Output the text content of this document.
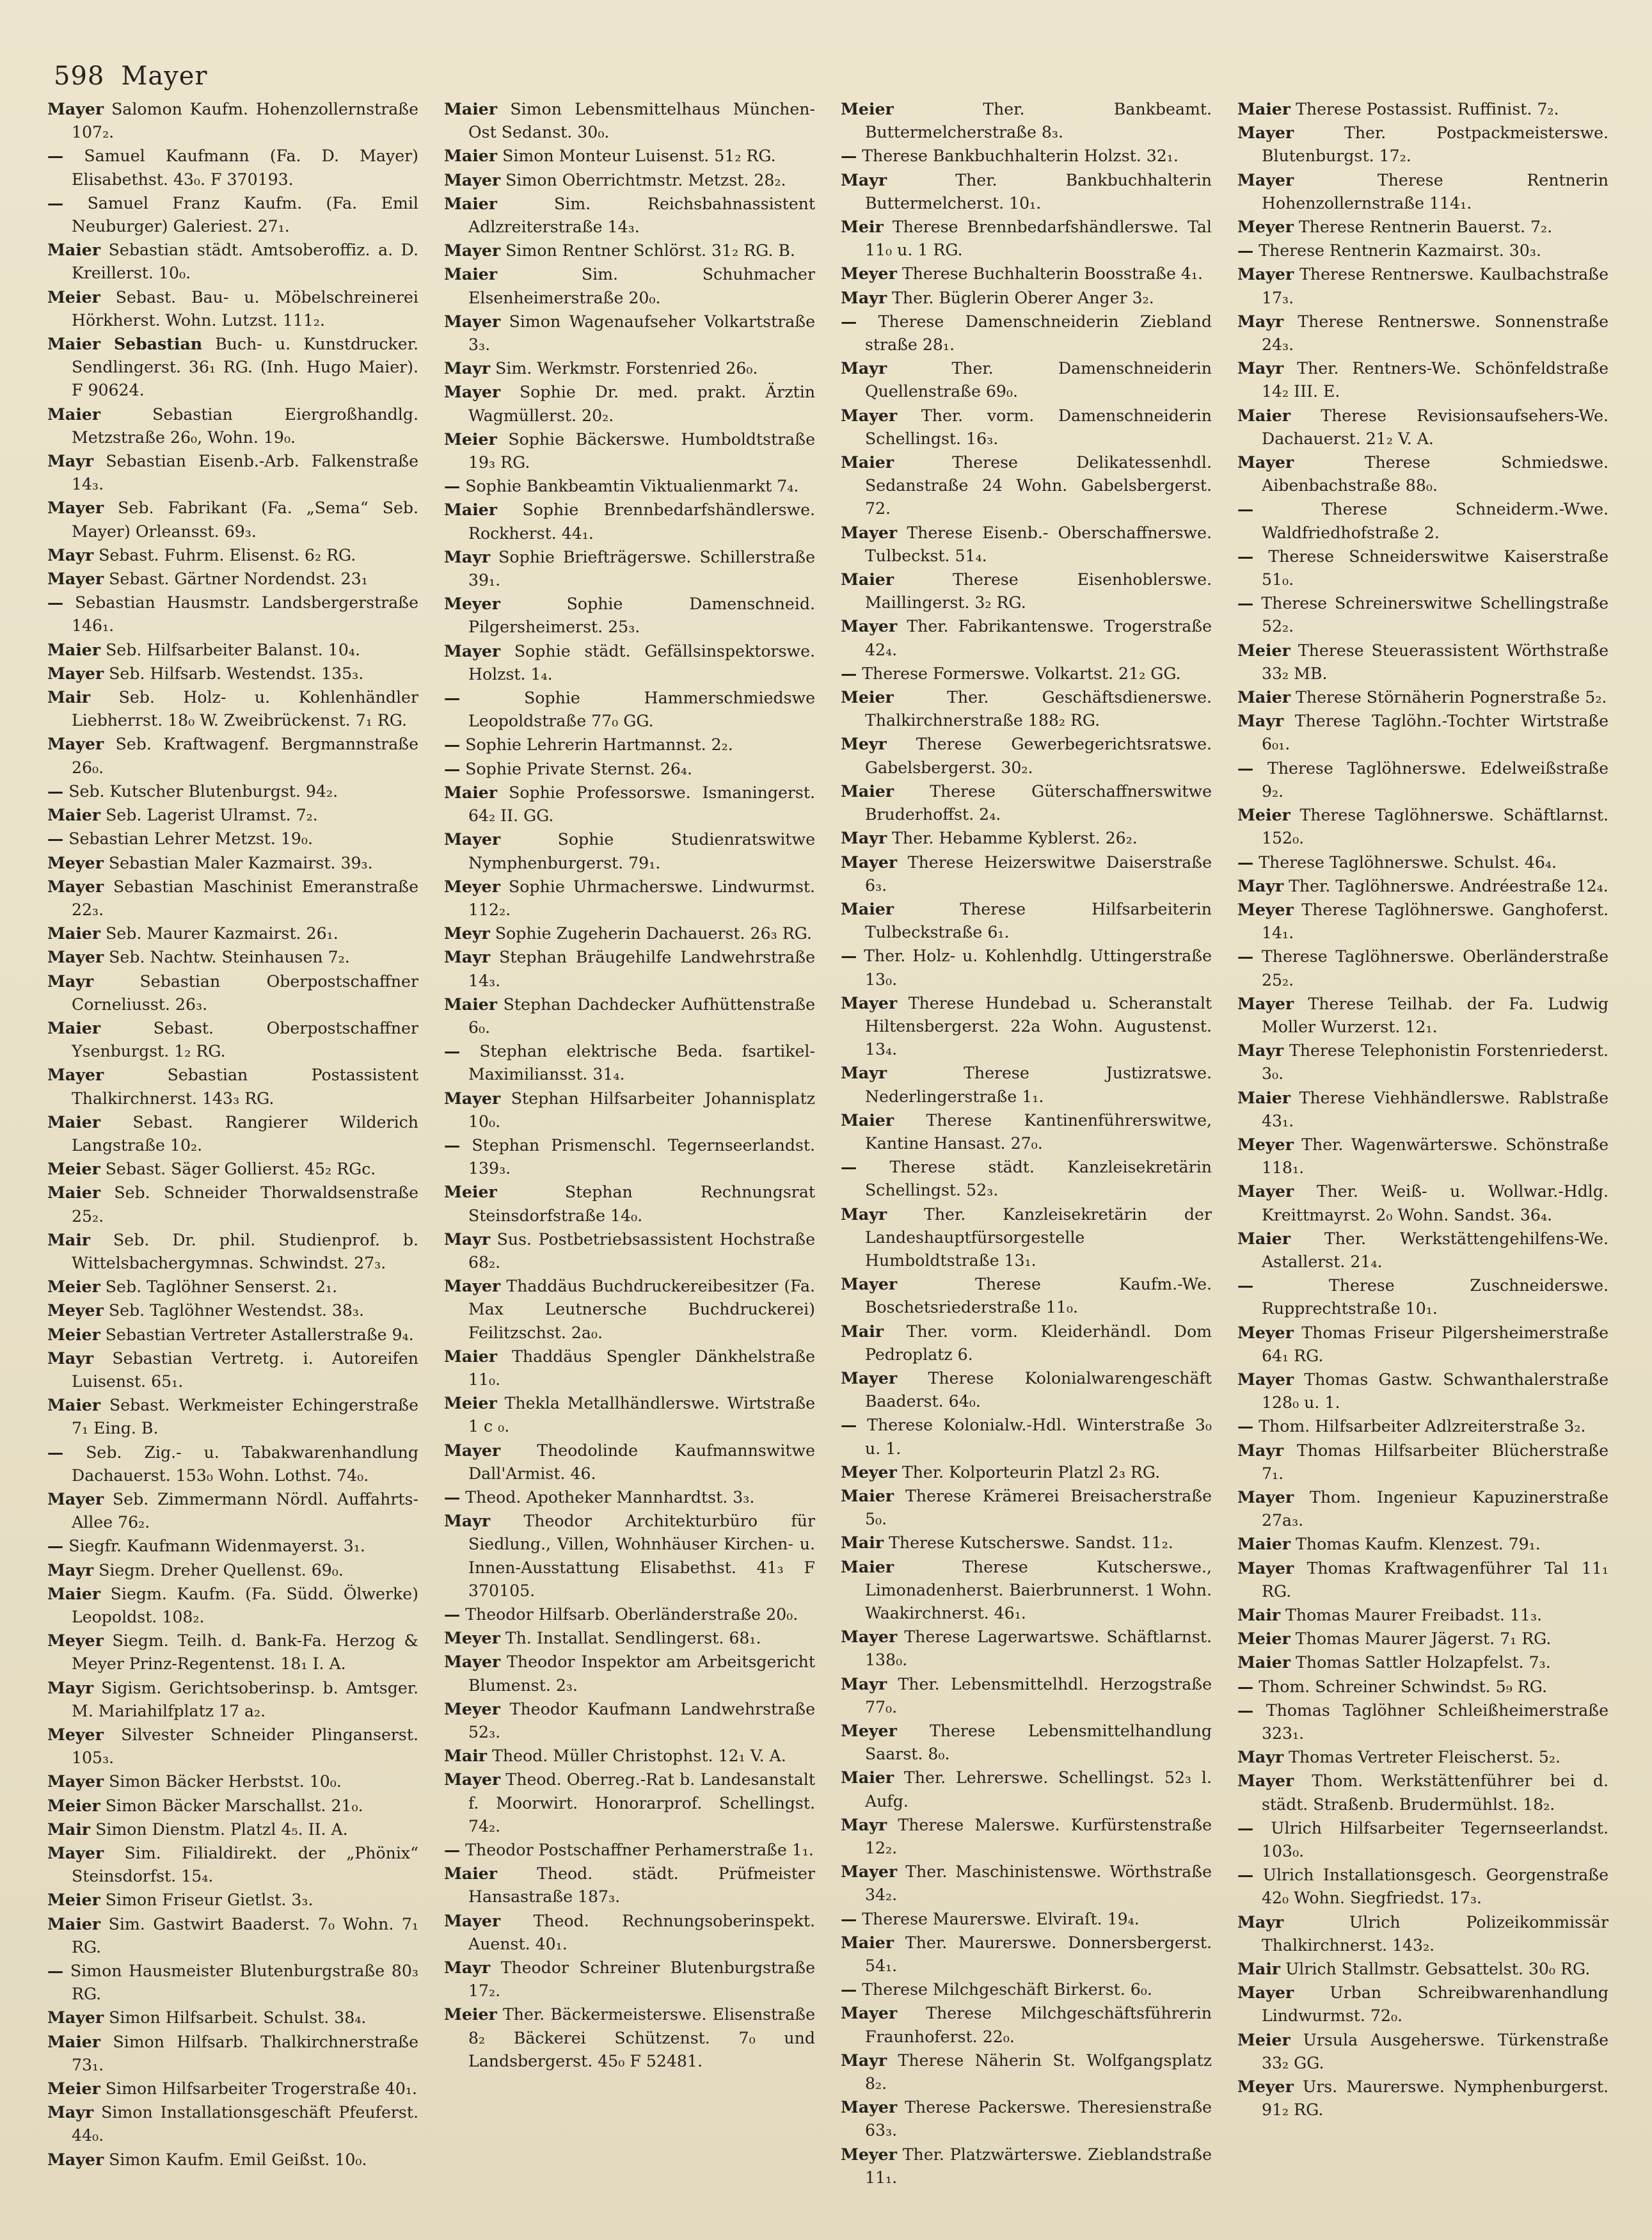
598 Mayer
Mayer Salomon Kaufm. Hohenzollernstraße 107₂.
— Samuel Kaufmann (Fa. D. Mayer) Elisabethst. 43₀. F 370193.
— Samuel Franz Kaufm. (Fa. Emil Neuburger) Galeriest. 27₁.
Maier Sebastian städt. Amtsoberoffiz. a. D. Kreillerst. 10₀.
Meier Sebast. Bau- u. Möbelschreinerei Hörkherst. Wohn. Lutzst. 111₂.
Maier Sebastian Buch- u. Kunstdrucker. Sendlingerst. 36₁ RG. (Inh. Hugo Maier). F 90624.
Maier	Sebastian Eiergroßhandlg. Metzstraße 26₀, Wohn. 19₀.
Mayr Sebastian Eisenb.-Arb. Falkenstraße 14₃.
Mayer Seb. Fabrikant (Fa. „Sema“ Seb. Mayer) Orleansst. 69₃.
Mayr Sebast. Fuhrm. Elisenst. 6₂ RG.
Mayer Sebast. Gärtner Nordendst. 23₁
— Sebastian Hausmstr. Landsbergerstraße 146₁.
Maier Seb. Hilfsarbeiter Balanst. 10₄.
Mayer Seb. Hilfsarb. Westendst. 135₃.
Mair Seb. Holz- u. Kohlenhändler Liebherrst. 18₀ W. Zweibrückenst. 7₁ RG.
Mayer Seb. Kraftwagenf. Bergmannstraße 26₀.
— Seb. Kutscher Blutenburgst. 94₂.
Maier Seb. Lagerist Ulramst. 7₂.
— Sebastian Lehrer Metzst. 19₀.
Meyer Sebastian Maler Kazmairst. 39₃.
Mayer Sebastian Maschinist Emeranstraße 22₃.
Maier Seb. Maurer Kazmairst. 26₁.
Mayer Seb. Nachtw. Steinhausen 7₂.
Mayr	Sebastian Oberpostschaffner Corneliusst. 26₃.
Maier	Sebast. Oberpostschaffner Ysenburgst. 1₂ RG.
Mayer	Sebastian Postassistent Thalkirchnerst. 143₃ RG.
Maier Sebast. Rangierer Wilderich Langstraße 10₂.
Meier Sebast. Säger Gollierst. 45₂ RGc.
Maier Seb. Schneider Thorwaldsenstraße 25₂.
Mair Seb. Dr. phil. Studienprof. b. Wittelsbachergymnas. Schwindst. 27₃.
Meier Seb. Taglöhner Senserst. 2₁.
Meyer Seb. Taglöhner Westendst. 38₃.
Meier Sebastian Vertreter Astallerstraße 9₄.
Mayr Sebastian Vertretg. i. Autoreifen Luisenst. 65₁.
Maier Sebast. Werkmeister Echingerstraße 7₁ Eing. B.
— Seb. Zig.- u. Tabakwarenhandlung Dachauerst. 153₀ Wohn. Lothst. 74₀.
Mayer Seb. Zimmermann Nördl. Auffahrts-Allee 76₂.
— Siegfr. Kaufmann Widenmayerst. 3₁.
Mayr Siegm. Dreher Quellenst. 69₀.
Maier Siegm. Kaufm. (Fa. Südd. Ölwerke) Leopoldst. 108₂.
Meyer Siegm. Teilh. d. Bank-Fa. Herzog & Meyer Prinz-Regentenst. 18₁ I. A.
Mayr Sigism. Gerichtsoberinsp. b. Amtsger. M. Mariahilfplatz 17 a₂.
Meyer Silvester Schneider Plinganserst. 105₃.
Mayer Simon Bäcker Herbstst. 10₀.
Meier Simon Bäcker Marschallst. 21₀.
Mair Simon Dienstm. Platzl 4₅. II. A.
Mayer Sim. Filialdirekt. der „Phönix“ Steinsdorfst. 15₄.
Meier Simon Friseur Gietlst. 3₃.
Maier Sim. Gastwirt Baaderst. 7₀ Wohn. 7₁ RG.
— Simon Hausmeister Blutenburgstraße 80₃ RG.
Mayer Simon Hilfsarbeit. Schulst. 38₄.
Maier Simon Hilfsarb. Thalkirchnerstraße 73₁.
Meier Simon Hilfsarbeiter Trogerstraße 40₁.
Mayr Simon Installationsgeschäft Pfeuferst. 44₀.
Mayer Simon Kaufm. Emil Geißst. 10₀.
Maier Simon Lebensmittelhaus München-Ost Sedanst. 30₀.
Maier Simon Monteur Luisenst. 51₂ RG.
Mayer Simon Oberrichtmstr. Metzst. 28₂.
Maier	Sim. Reichsbahnassistent Adlzreiterstraße 14₃.
Mayer Simon Rentner Schlörst. 31₂ RG. B.
Maier	Sim. Schuhmacher Elsenheimerstraße 20₀.
Mayer Simon Wagenaufseher Volkartstraße 3₃.
Mayr Sim. Werkmstr. Forstenried 26₀.
Mayer Sophie Dr. med. prakt. Ärztin Wagmüllerst. 20₂.
Meier Sophie Bäckerswe. Humboldtstraße 19₃ RG.
— Sophie Bankbeamtin Viktualienmarkt 7₄.
Maier Sophie Brennbedarfshändlerswe. Rockherst. 44₁.
Mayr Sophie Briefträgerswe. Schillerstraße 39₁.
Meyer	Sophie Damenschneid. Pilgersheimerst. 25₃.
Mayer Sophie städt. Gefällsinspektorswe. Holzst. 1₄.
—	Sophie Hammerschmiedswe Leopoldstraße 77₀ GG.
— Sophie Lehrerin Hartmannst. 2₂.
— Sophie Private Sternst. 26₄.
Maier Sophie Professorswe. Ismaningerst. 64₂ II. GG.
Mayer	Sophie Studienratswitwe Nymphenburgerst. 79₁.
Meyer Sophie Uhrmacherswe. Lindwurmst. 112₂.
Meyr Sophie Zugeherin Dachauerst. 26₃ RG.
Mayr Stephan Bräugehilfe Landwehrstraße 14₃.
Maier Stephan Dachdecker Aufhüttenstraße 6₀.
— Stephan elektrische Beda. fsartikel-Maximiliansst. 31₄.
Mayer Stephan Hilfsarbeiter Johannisplatz 10₀.
— Stephan Prismenschl. Tegernseerlandst. 139₃.
Meier	Stephan Rechnungsrat Steinsdorfstraße 14₀.
Mayr Sus. Postbetriebsassistent Hochstraße 68₂.
Mayer Thaddäus Buchdruckereibesitzer (Fa. Max Leutnersche Buchdruckerei) Feilitzschst. 2a₀.
Maier Thaddäus Spengler Dänkhelstraße 11₀.
Meier Thekla Metallhändlerswe. Wirtstraße 1 c ₀.
Mayer Theodolinde Kaufmannswitwe Dall'Armist. 46.
— Theod. Apotheker Mannhardtst. 3₃.
Mayr Theodor Architekturbüro für Siedlung., Villen, Wohnhäuser Kirchen- u. Innen-Ausstattung Elisabethst. 41₃ F 370105.
— Theodor Hilfsarb. Oberländerstraße 20₀.
Meyer Th. Installat. Sendlingerst. 68₁.
Mayer Theodor Inspektor am Arbeitsgericht Blumenst. 2₃.
Meyer Theodor Kaufmann Landwehrstraße 52₃.
Mair Theod. Müller Christophst. 12₁ V. A.
Mayer Theod. Oberreg.-Rat b. Landesanstalt f. Moorwirt. Honorarprof. Schellingst. 74₂.
— Theodor Postschaffner Perhamerstraße 1₁.
Maier Theod. städt. Prüfmeister Hansastraße 187₃.
Mayer Theod. Rechnungsoberinspekt. Auenst. 40₁.
Mayr Theodor Schreiner Blutenburgstraße 17₂.
Meier Ther. Bäckermeisterswe. Elisenstraße 8₂ Bäckerei Schützenst. 7₀ und Landsbergerst. 45₀ F 52481.
Meier	Ther. Bankbeamt. Buttermelcherstraße 8₃.
— Therese Bankbuchhalterin Holzst. 32₁.
Mayr	Ther. Bankbuchhalterin Buttermelcherst. 10₁.
Meir Therese Brennbedarfshändlerswe. Tal 11₀ u. 1 RG.
Meyer Therese Buchhalterin Boosstraße 4₁.
Mayr Ther. Büglerin Oberer Anger 3₂.
— Therese Damenschneiderin Ziebland straße 28₁.
Mayr	Ther. Damenschneiderin Quellenstraße 69₀.
Mayer Ther. vorm. Damenschneiderin Schellingst. 16₃.
Maier	Therese Delikatessenhdl. Sedanstraße 24 Wohn. Gabelsbergerst. 72.
Mayer Therese Eisenb.- Oberschaffnerswe. Tulbeckst. 51₄.
Maier	Therese Eisenhoblerswe. Maillingerst. 3₂ RG.
Mayer Ther. Fabrikantenswe. Trogerstraße 42₄.
— Therese Formerswe. Volkartst. 21₂ GG.
Meier	Ther. Geschäftsdienerswe. Thalkirchnerstraße 188₂ RG.
Meyr Therese Gewerbegerichtsratswe. Gabelsbergerst. 30₂.
Maier Therese Güterschaffnerswitwe Bruderhoffst. 2₄.
Mayr Ther. Hebamme Kyblerst. 26₂.
Mayer Therese Heizerswitwe Daiserstraße 6₃.
Maier	Therese Hilfsarbeiterin Tulbeckstraße 6₁.
— Ther. Holz- u. Kohlenhdlg. Uttingerstraße 13₀.
Mayer Therese Hundebad u. Scheranstalt Hiltensbergerst. 22a Wohn. Augustenst. 13₄.
Mayr	Therese Justizratswe. Nederlingerstraße 1₁.
Maier Therese Kantinenführerswitwe, Kantine Hansast. 27₀.
— Therese städt. Kanzleisekretärin Schellingst. 52₃.
Mayr Ther. Kanzleisekretärin der Landeshauptfürsorgestelle Humboldtstraße 13₁.
Mayer	Therese Kaufm.-We. Boschetsriederstraße 11₀.
Mair Ther. vorm. Kleiderhändl. Dom Pedroplatz 6.
Mayer Therese Kolonialwarengeschäft Baaderst. 64₀.
— Therese Kolonialw.-Hdl. Winterstraße 3₀ u. 1.
Meyer Ther. Kolporteurin Platzl 2₃ RG.
Maier Therese Krämerei Breisacherstraße 5₀.
Mair Therese Kutscherswe. Sandst. 11₂.
Maier	Therese Kutscherswe., Limonadenherst. Baierbrunnerst. 1 Wohn. Waakirchnerst. 46₁.
Mayer Therese Lagerwartswe. Schäftlarnst. 138₀.
Mayr Ther. Lebensmittelhdl. Herzogstraße 77₀.
Meyer Therese Lebensmittelhandlung Saarst. 8₀.
Maier Ther. Lehrerswe. Schellingst. 52₃ l. Aufg.
Mayr Therese Malerswe. Kurfürstenstraße 12₂.
Mayer Ther. Maschinistenswe. Wörthstraße 34₂.
— Therese Maurerswe. Elviraſt. 19₄.
Maier Ther. Maurerswe. Donnersbergerst. 54₁.
— Therese Milchgeschäft Birkerst. 6₀.
Mayer Therese Milchgeschäftsführerin Fraunhoferst. 22₀.
Mayr Therese Näherin St. Wolfgangsplatz 8₂.
Mayer Therese Packerswe. Theresienstraße 63₃.
Meyer Ther. Platzwärterswe. Zieblandstraße 11₁.
Maier Therese Postassist. Ruffinist. 7₂.
Mayer	Ther. Postpackmeisterswe. Blutenburgst. 17₂.
Mayer	Therese Rentnerin Hohenzollernstraße 114₁.
Meyer Therese Rentnerin Bauerst. 7₂.
— Therese Rentnerin Kazmairst. 30₃.
Mayer Therese Rentnerswe. Kaulbachstraße 17₃.
Mayr Therese Rentnerswe. Sonnenstraße 24₃.
Mayr Ther. Rentners-We. Schönfeldstraße 14₂ III. E.
Maier Therese Revisionsaufsehers-We. Dachauerst. 21₂ V. A.
Mayer	Therese Schmiedswe. Aibenbachstraße 88₀.
—	Therese Schneiderm.-Wwe. Waldfriedhofstraße 2.
— Therese Schneiderswitwe Kaiserstraße 51₀.
— Therese Schreinerswitwe Schellingstraße 52₂.
Meier Therese Steuerassistent Wörthstraße 33₂ MB.
Maier Therese Störnäherin Pognerstraße 5₂.
Mayr Therese Taglöhn.-Tochter Wirtstraße 6₀₁.
— Therese Taglöhnerswe. Edelweißstraße 9₂.
Meier Therese Taglöhnerswe. Schäftlarnst. 152₀.
— Therese Taglöhnerswe. Schulst. 46₄.
Mayr Ther. Taglöhnerswe. Andréestraße 12₄.
Meyer Therese Taglöhnerswe. Ganghoferst. 14₁.
— Therese Taglöhnerswe. Oberländerstraße 25₂.
Mayer Therese Teilhab. der Fa. Ludwig Moller Wurzerst. 12₁.
Mayr Therese Telephonistin Forstenriederst. 3₀.
Maier Therese Viehhändlerswe. Rablstraße 43₁.
Meyer Ther. Wagenwärterswe. Schönstraße 118₁.
Mayer Ther. Weiß- u. Wollwar.-Hdlg. Kreittmayrst. 2₀ Wohn. Sandst. 36₄.
Maier Ther. Werkstättengehilfens-We. Astallerst. 21₄.
—	Therese Zuschneiderswe. Rupprechtstraße 10₁.
Meyer Thomas Friseur Pilgersheimerstraße 64₁ RG.
Mayer Thomas Gastw. Schwanthalerstraße 128₀ u. 1.
— Thom. Hilfsarbeiter Adlzreiterstraße 3₂.
Mayr Thomas Hilfsarbeiter Blücherstraße 7₁.
Mayer Thom. Ingenieur Kapuzinerstraße 27a₃.
Maier Thomas Kaufm. Klenzest. 79₁.
Mayer Thomas Kraftwagenführer Tal 11₁ RG.
Mair Thomas Maurer Freibadst. 11₃.
Meier Thomas Maurer Jägerst. 7₁ RG.
Maier Thomas Sattler Holzapfelst. 7₃.
— Thom. Schreiner Schwindst. 5₉ RG.
— Thomas Taglöhner Schleißheimerstraße 323₁.
Mayr Thomas Vertreter Fleischerst. 5₂.
Mayer Thom. Werkstättenführer bei d. städt. Straßenb. Brudermühlst. 18₂.
— Ulrich Hilfsarbeiter Tegernseerlandst. 103₀.
— Ulrich Installationsgesch. Georgenstraße 42₀ Wohn. Siegfriedst. 17₃.
Mayr	Ulrich Polizeikommissär Thalkirchnerst. 143₂.
Mair Ulrich Stallmstr. Gebsattelst. 30₀ RG.
Mayer Urban Schreibwarenhandlung Lindwurmst. 72₀.
Meier Ursula Ausgeherswe. Türkenstraße 33₂ GG.
Meyer Urs. Maurerswe. Nymphenburgerst. 91₂ RG.
